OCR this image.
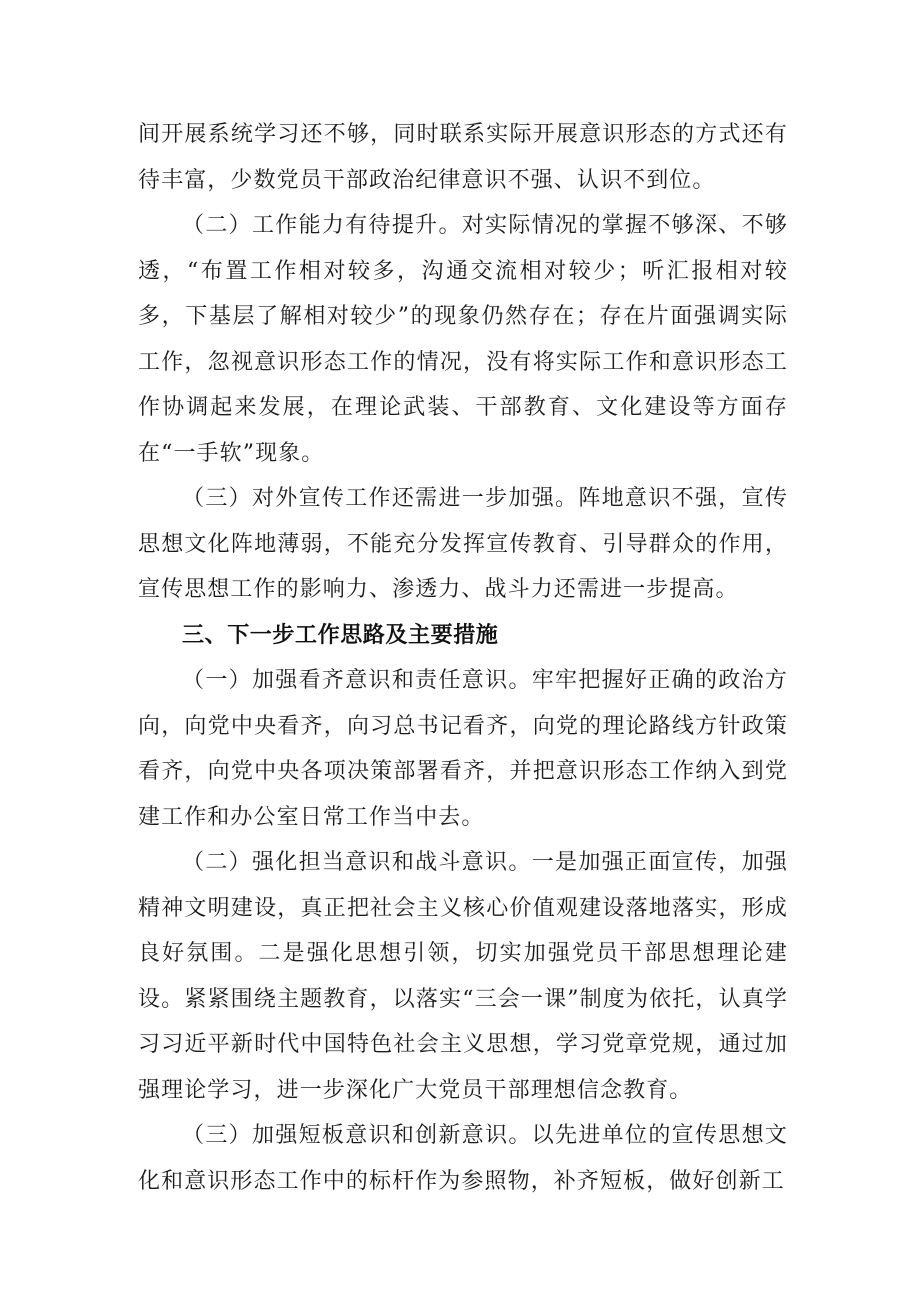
间开展系统学习还不够，同时联系实际开展意识形态的方式还有待丰富，少数党员干部政治纪律意识不强、认识不到位。

（二）工作能力有待提升。对实际情况的掌握不够深、不够透，“布置工作相对较多，沟通交流相对较少；听汇报相对较多，下基层了解相对较少”的现象仍然存在；存在片面强调实际工作，忽视意识形态工作的情况，没有将实际工作和意识形态工作协调起来发展，在理论武装、干部教育、文化建设等方面存在“一手软”现象。

（三）对外宣传工作还需进一步加强。阵地意识不强，宣传思想文化阵地薄弱，不能充分发挥宣传教育、引导群众的作用，宣传思想工作的影响力、渗透力、战斗力还需进一步提高。

三、下一步工作思路及主要措施

（一）加强看齐意识和责任意识。牢牢把握好正确的政治方向，向党中央看齐，向习总书记看齐，向党的理论路线方针政策看齐，向党中央各项决策部署看齐，并把意识形态工作纳入到党建工作和办公室日常工作当中去。

（二）强化担当意识和战斗意识。一是加强正面宣传，加强精神文明建设，真正把社会主义核心价值观建设落地落实，形成良好氛围。二是强化思想引领，切实加强党员干部思想理论建设。紧紧围绕主题教育，以落实“三会一课”制度为依托，认真学习习近平新时代中国特色社会主义思想，学习党章党规，通过加强理论学习，进一步深化广大党员干部理想信念教育。

（三）加强短板意识和创新意识。以先进单位的宣传思想文化和意识形态工作中的标杆作为参照物，补齐短板，做好创新工
